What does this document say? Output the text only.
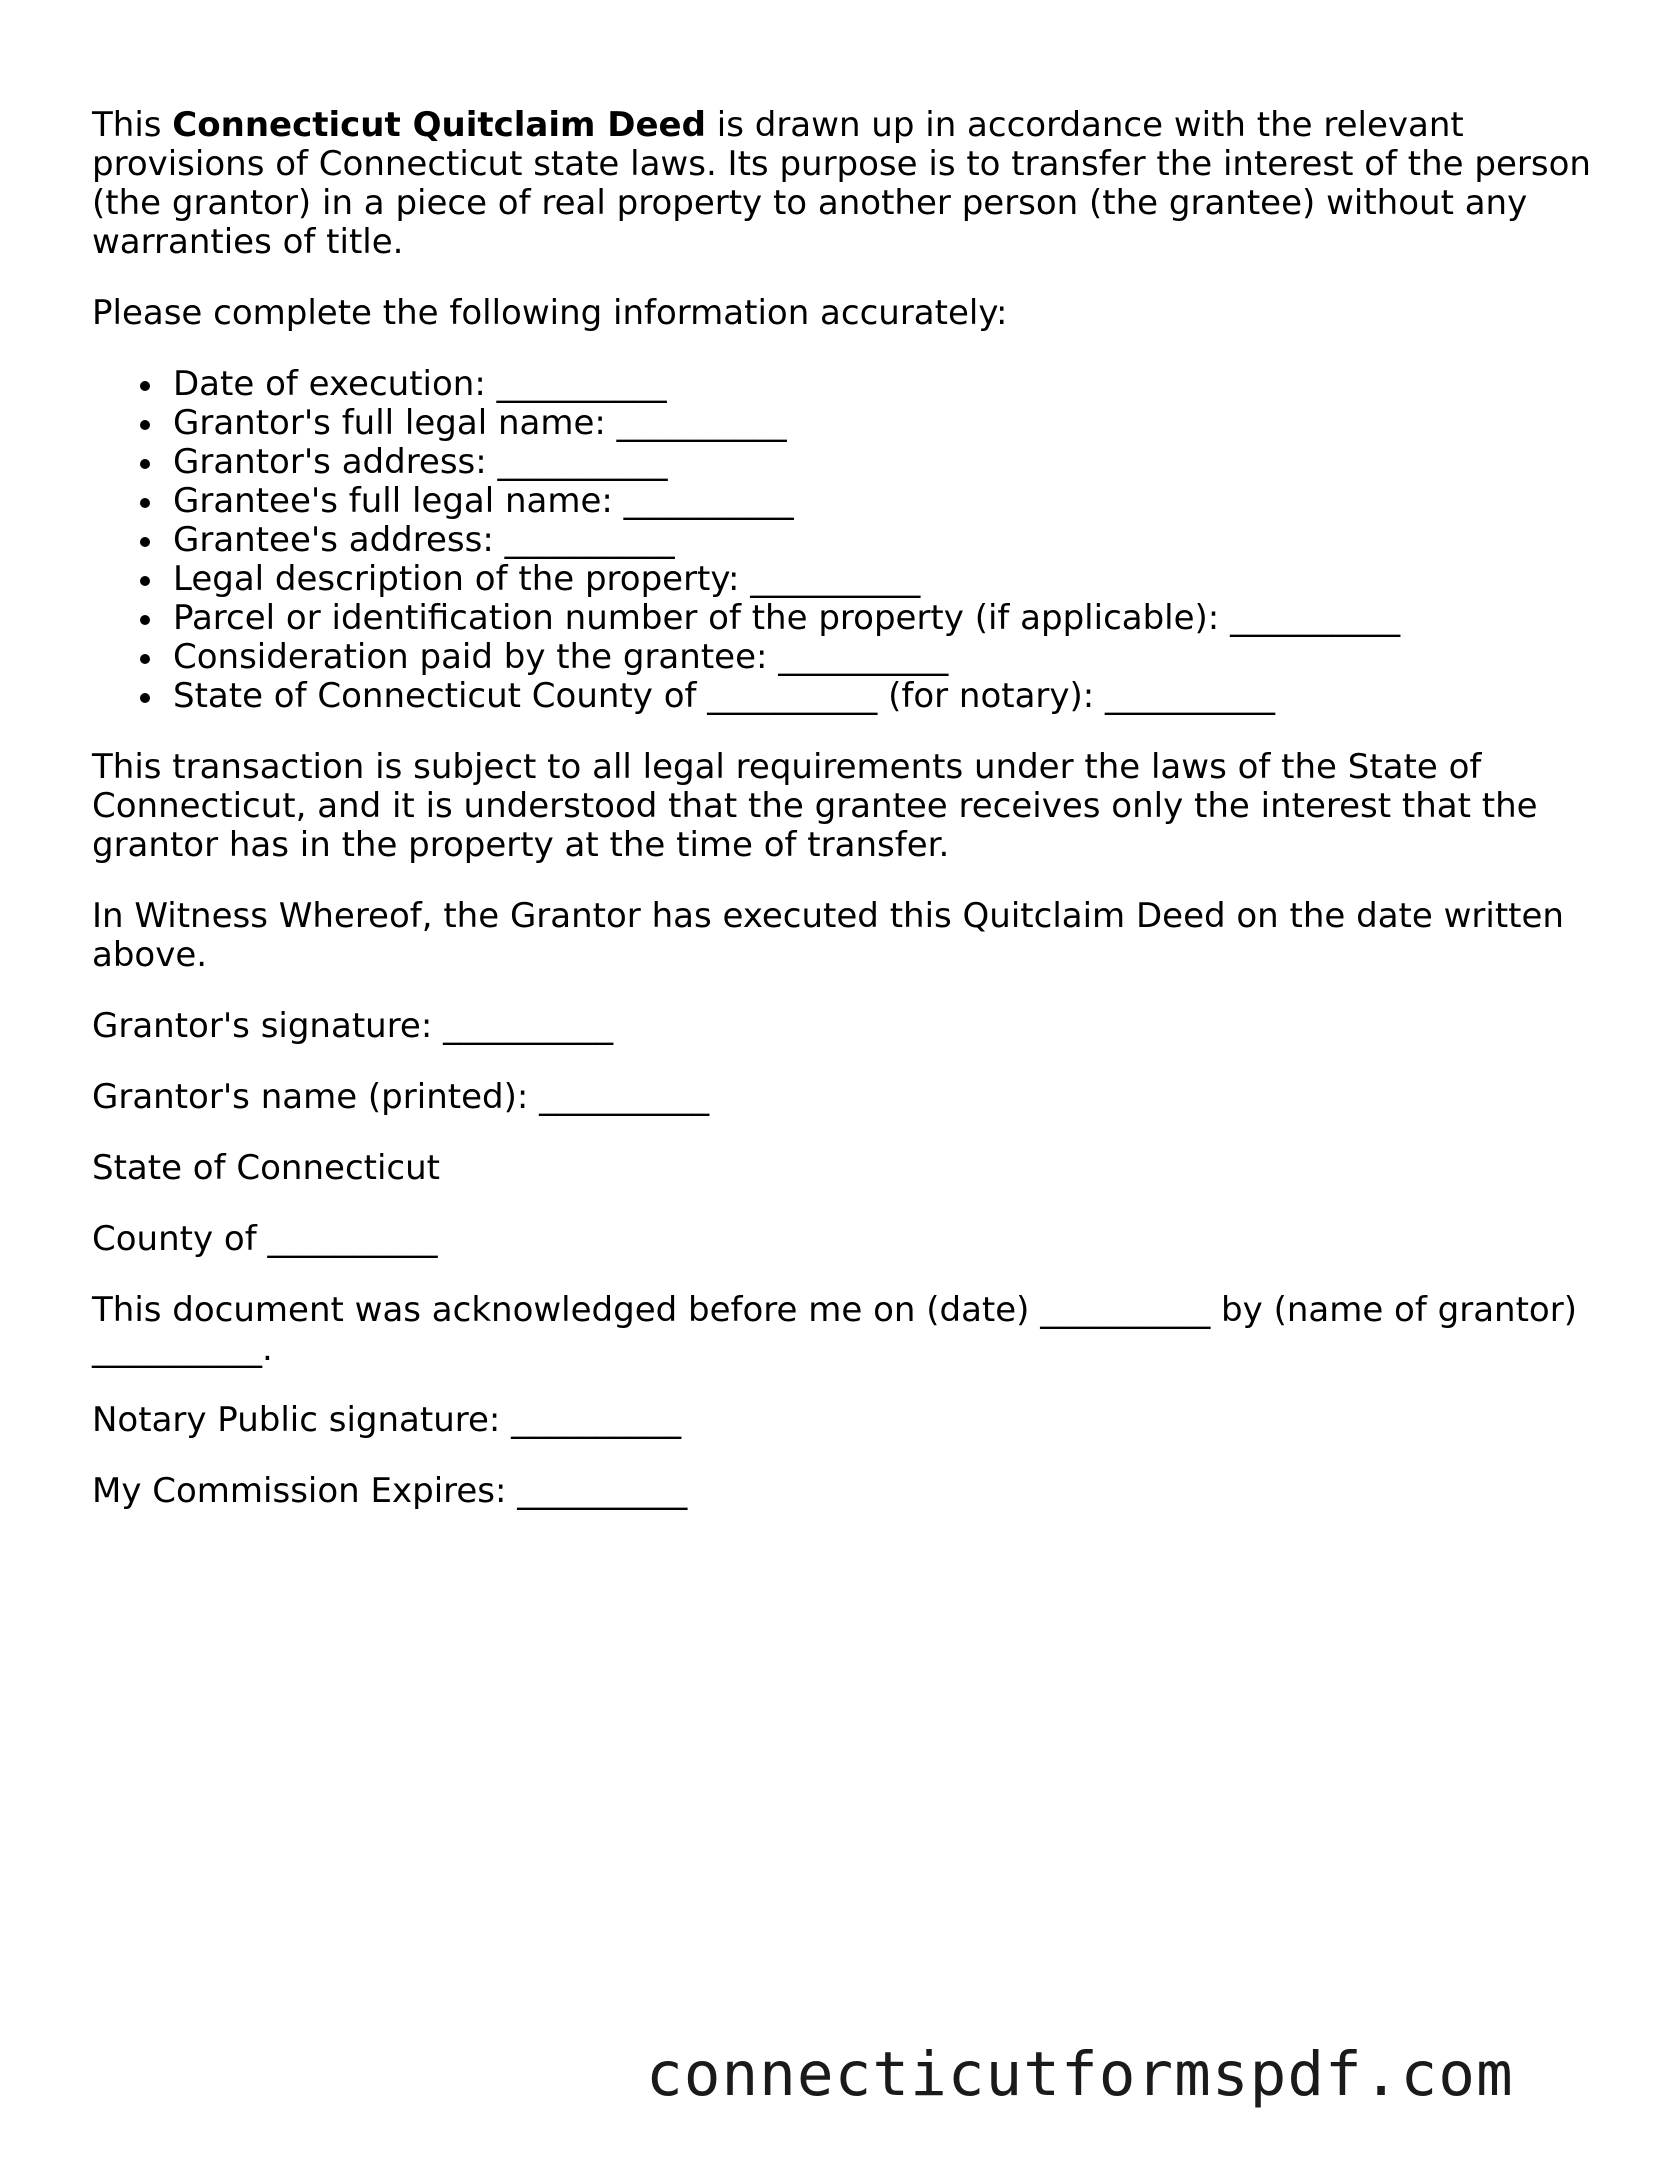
This Connecticut Quitclaim Deed is drawn up in accordance with the relevant provisions of Connecticut state laws. Its purpose is to transfer the interest of the person (the grantor) in a piece of real property to another person (the grantee) without any warranties of title.

Please complete the following information accurately:

Date of execution: __________
Grantor's full legal name: __________
Grantor's address: __________
Grantee's full legal name: __________
Grantee's address: __________
Legal description of the property: __________
Parcel or identification number of the property (if applicable): __________
Consideration paid by the grantee: __________
State of Connecticut County of __________ (for notary): __________

This transaction is subject to all legal requirements under the laws of the State of Connecticut, and it is understood that the grantee receives only the interest that the grantor has in the property at the time of transfer.

In Witness Whereof, the Grantor has executed this Quitclaim Deed on the date written above.

Grantor's signature: __________

Grantor's name (printed): __________

State of Connecticut

County of __________

This document was acknowledged before me on (date) __________ by (name of grantor) __________.

Notary Public signature: __________

My Commission Expires: __________

connecticutformspdf.com
